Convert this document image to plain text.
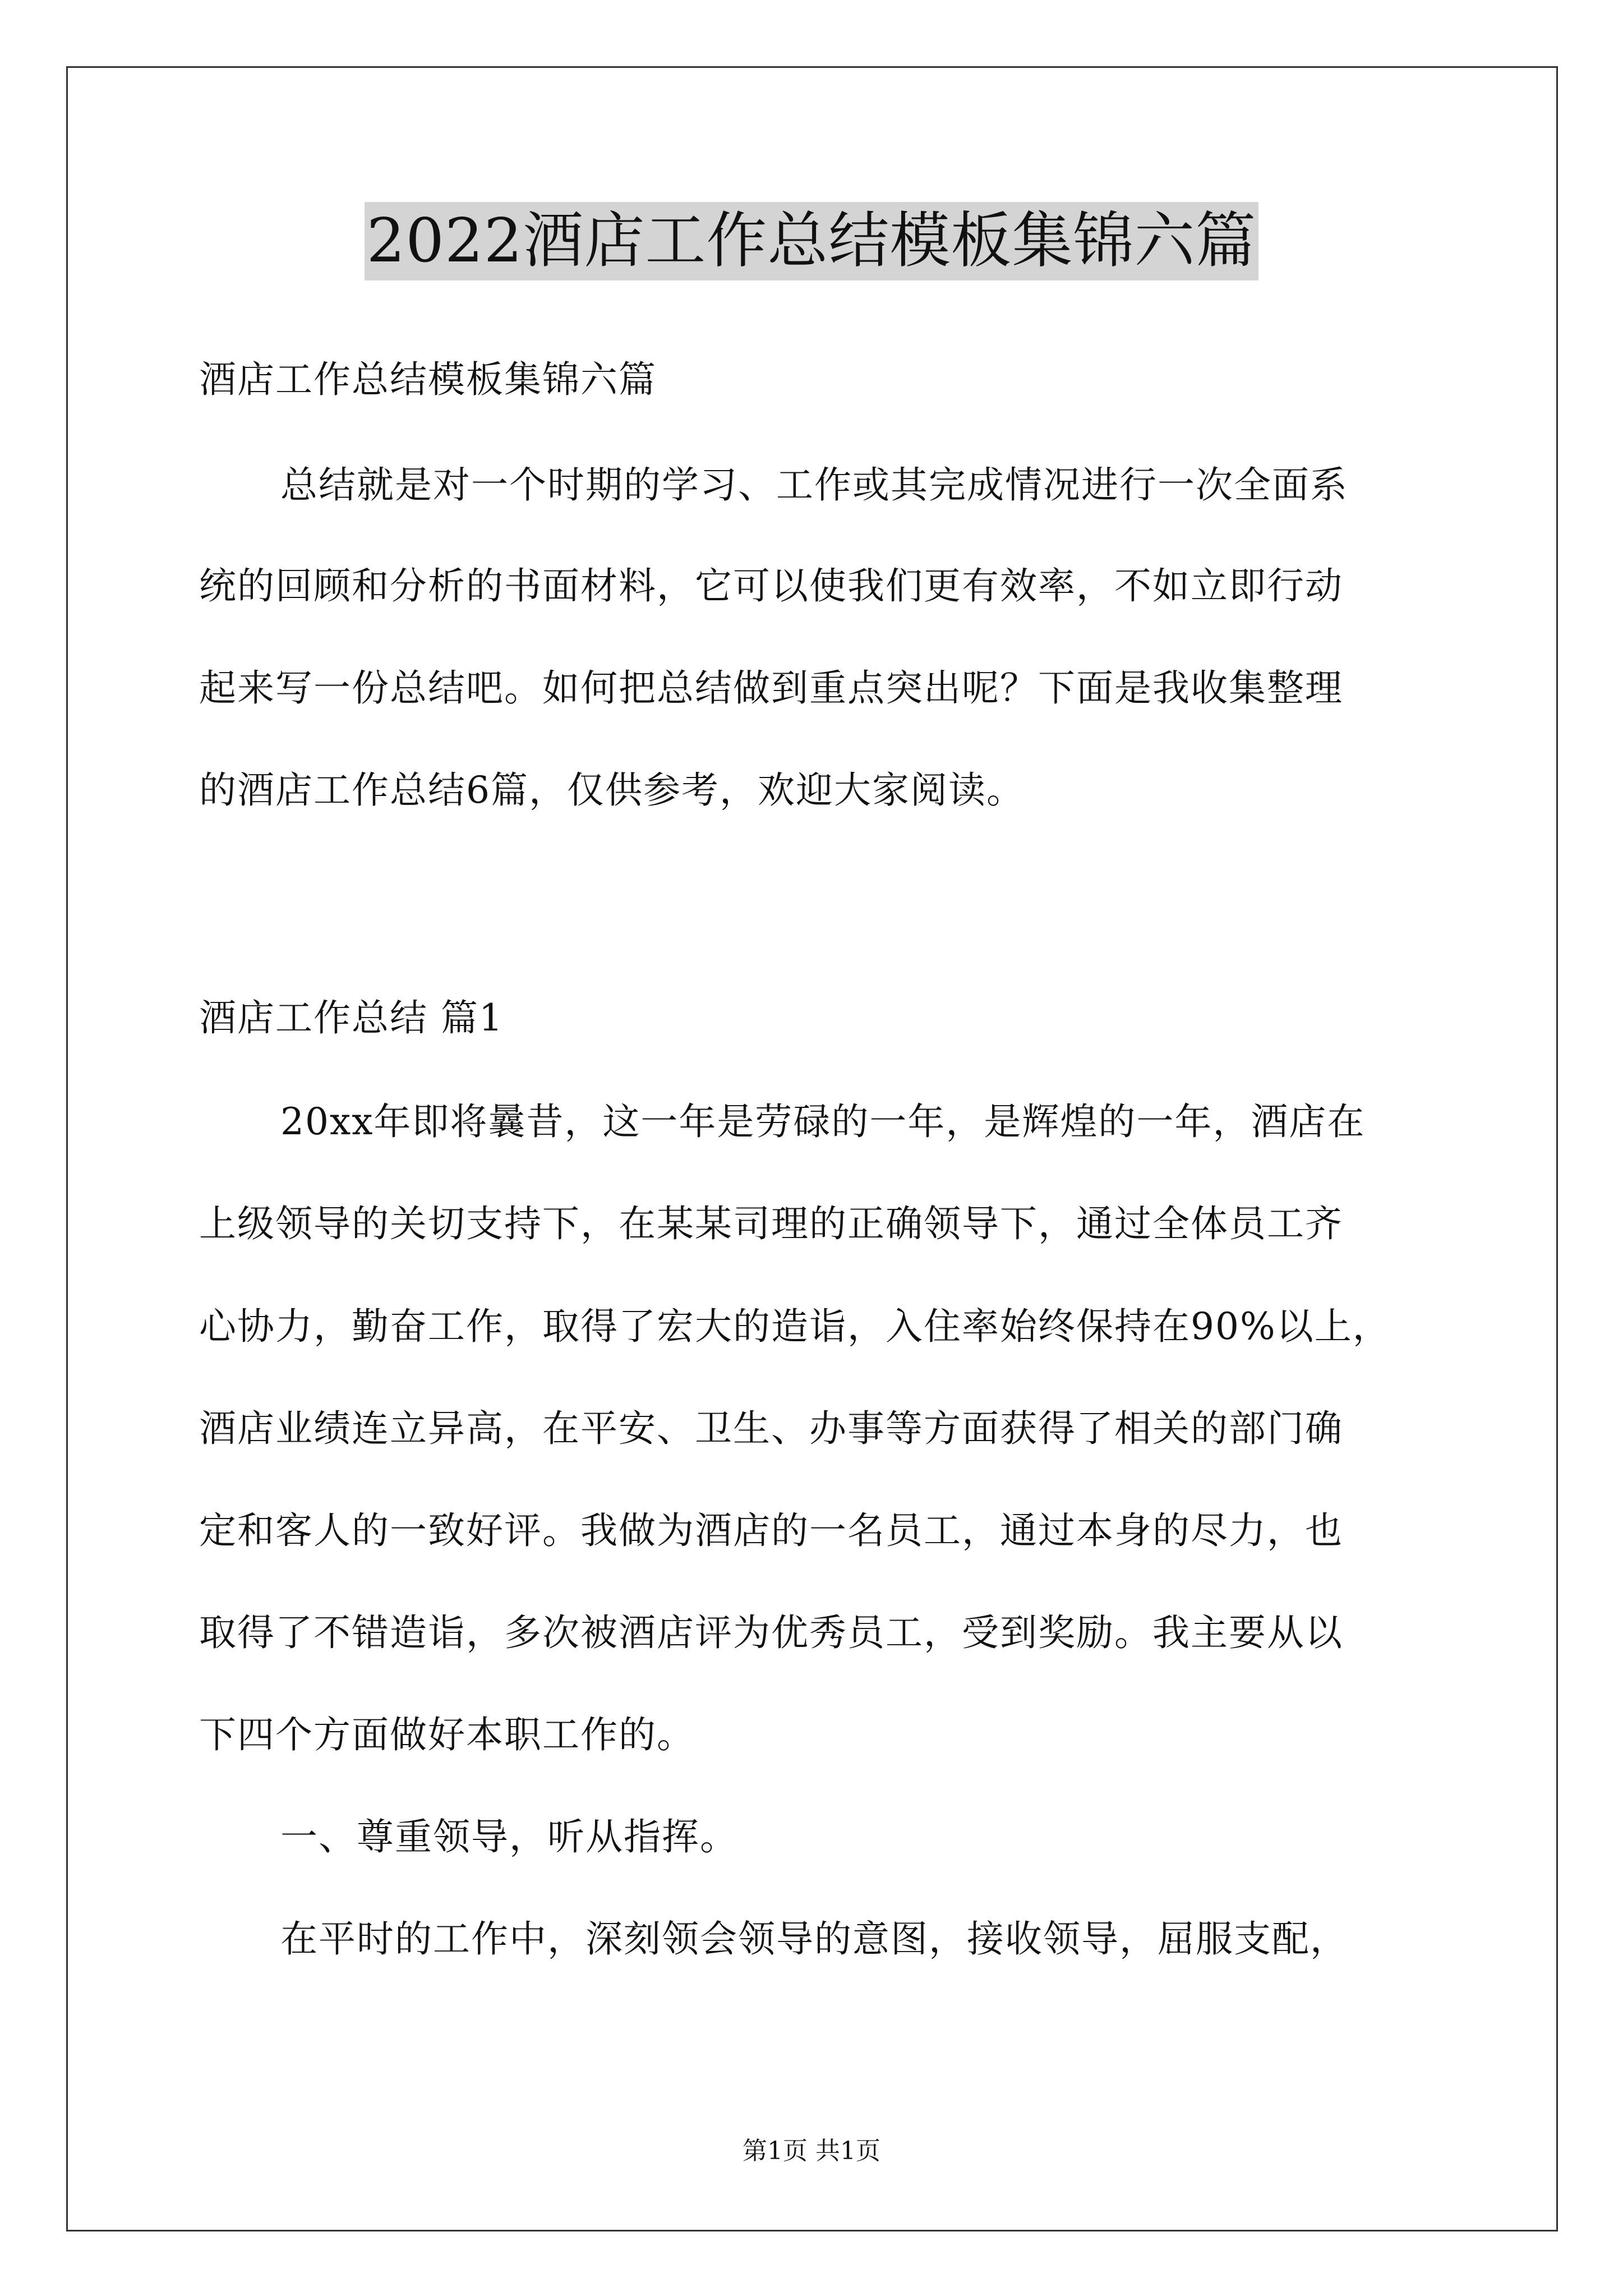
2022酒店工作总结模板集锦六篇
酒店工作总结模板集锦六篇
总结就是对一个时期的学习、工作或其完成情况进行一次全面系
统的回顾和分析的书面材料，它可以使我们更有效率，不如立即行动
起来写一份总结吧。如何把总结做到重点突出呢？下面是我收集整理
的酒店工作总结6篇，仅供参考，欢迎大家阅读。
酒店工作总结 篇1
20xx年即将曩昔，这一年是劳碌的一年，是辉煌的一年，酒店在
上级领导的关切支持下，在某某司理的正确领导下，通过全体员工齐
心协力，勤奋工作，取得了宏大的造诣，入住率始终保持在90%以上，
酒店业绩连立异高，在平安、卫生、办事等方面获得了相关的部门确
定和客人的一致好评。我做为酒店的一名员工，通过本身的尽力，也
取得了不错造诣，多次被酒店评为优秀员工，受到奖励。我主要从以
下四个方面做好本职工作的。
一、尊重领导，听从指挥。
在平时的工作中，深刻领会领导的意图，接收领导，屈服支配，
第1页 共1页
